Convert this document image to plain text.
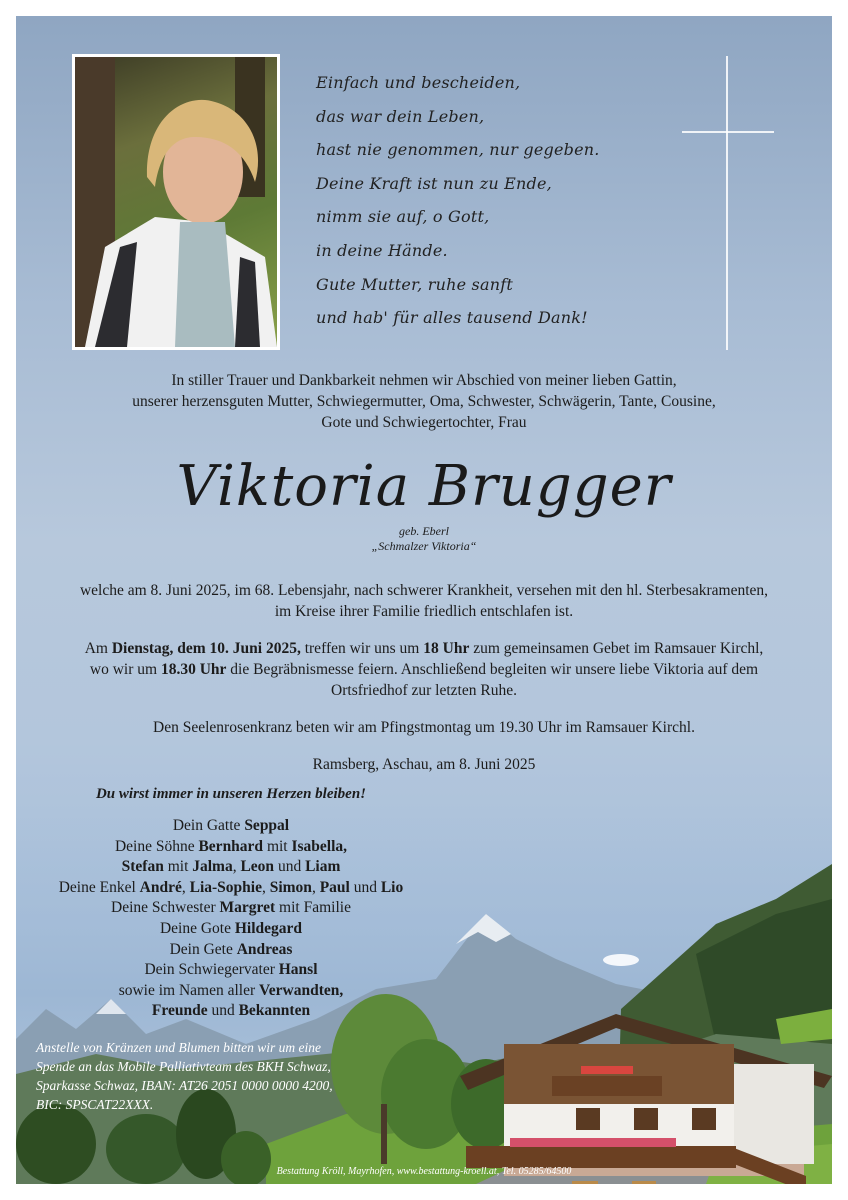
Einfach und bescheiden,
das war dein Leben,
hast nie genommen, nur gegeben.
Deine Kraft ist nun zu Ende,
nimm sie auf, o Gott,
in deine Hände.
Gute Mutter, ruhe sanft
und hab' für alles tausend Dank!
In stiller Trauer und Dankbarkeit nehmen wir Abschied von meiner lieben Gattin,
unserer herzensguten Mutter, Schwiegermutter, Oma, Schwester, Schwägerin, Tante, Cousine,
Gote und Schwiegertochter, Frau
Viktoria Brugger
geb. Eberl
„Schmalzer Viktoria“
welche am 8. Juni 2025, im 68. Lebensjahr, nach schwerer Krankheit, versehen mit den hl. Sterbesakramenten,
im Kreise ihrer Familie friedlich entschlafen ist.
Am Dienstag, dem 10. Juni 2025, treffen wir uns um 18 Uhr zum gemeinsamen Gebet im Ramsauer Kirchl,
wo wir um 18.30 Uhr die Begräbnismesse feiern. Anschließend begleiten wir unsere liebe Viktoria auf dem
Ortsfriedhof zur letzten Ruhe.
Den Seelenrosenkranz beten wir am Pfingstmontag um 19.30 Uhr im Ramsauer Kirchl.
Ramsberg, Aschau, am 8. Juni 2025
Du wirst immer in unseren Herzen bleiben!
Dein Gatte Seppal
Deine Söhne Bernhard mit Isabella,
Stefan mit Jalma, Leon und Liam
Deine Enkel André, Lia-Sophie, Simon, Paul und Lio
Deine Schwester Margret mit Familie
Deine Gote Hildegard
Dein Gete Andreas
Dein Schwiegervater Hansl
sowie im Namen aller Verwandten,
Freunde und Bekannten
Anstelle von Kränzen und Blumen bitten wir um eine
Spende an das Mobile Palliativteam des BKH Schwaz,
Sparkasse Schwaz, IBAN: AT26 2051 0000 0000 4200,
BIC: SPSCAT22XXX.
Bestattung Kröll, Mayrhofen, www.bestattung-kroell.at, Tel. 05285/64500
